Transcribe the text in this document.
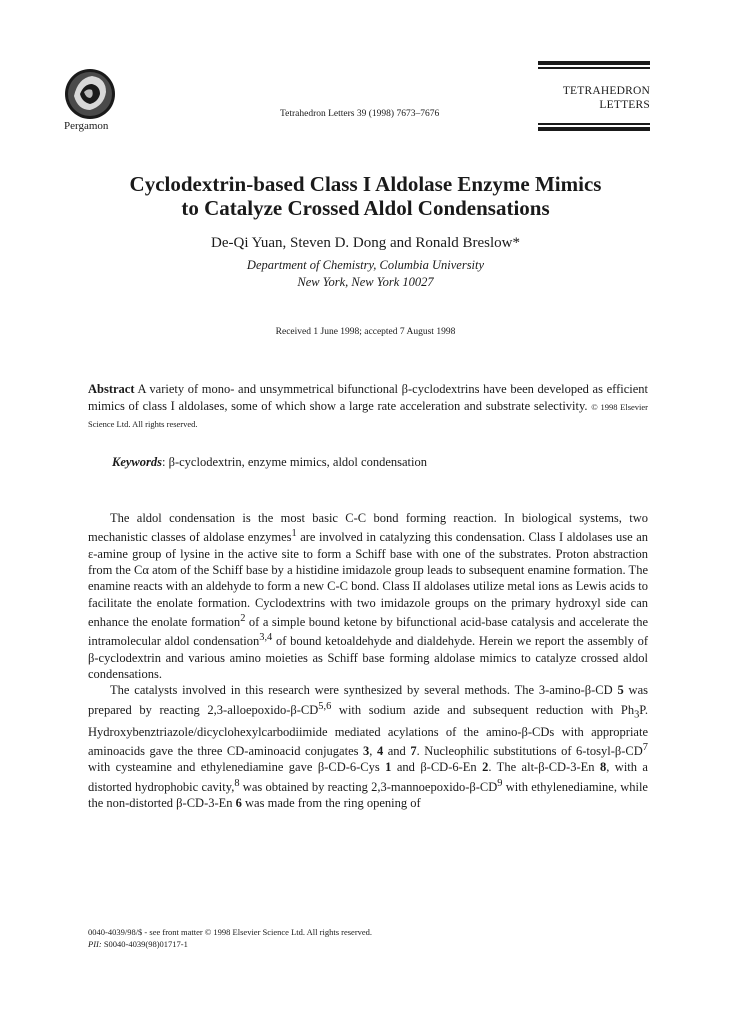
Pergamon
Tetrahedron Letters 39 (1998) 7673–7676
TETRAHEDRON
LETTERS
Cyclodextrin-based Class I Aldolase Enzyme Mimics
to Catalyze Crossed Aldol Condensations
De-Qi Yuan, Steven D. Dong and Ronald Breslow*
Department of Chemistry, Columbia University
New York, New York 10027
Received 1 June 1998; accepted 7 August 1998
Abstract A variety of mono- and unsymmetrical bifunctional β-cyclodextrins have been developed as efficient mimics of class I aldolases, some of which show a large rate acceleration and substrate selectivity. © 1998 Elsevier Science Ltd. All rights reserved.
Keywords: β-cyclodextrin, enzyme mimics, aldol condensation

The aldol condensation is the most basic C-C bond forming reaction. In biological systems, two mechanistic classes of aldolase enzymes$^1$ are involved in catalyzing this condensation. Class I aldolases use an ε-amine group of lysine in the active site to form a Schiff base with one of the substrates. Proton abstraction from the Cα atom of the Schiff base by a histidine imidazole group leads to subsequent enamine formation. The enamine reacts with an aldehyde to form a new C-C bond. Class II aldolases utilize metal ions as Lewis acids to facilitate the enolate formation. Cyclodextrins with two imidazole groups on the primary hydroxyl side can enhance the enolate formation$^2$ of a simple bound ketone by bifunctional acid-base catalysis and accelerate the intramolecular aldol condensation$^{3,4}$ of bound ketoaldehyde and dialdehyde. Herein we report the assembly of β-cyclodextrin and various amino moieties as Schiff base forming aldolase mimics to catalyze crossed aldol condensations.

The catalysts involved in this research were synthesized by several methods. The 3-amino-β-CD 5 was prepared by reacting 2,3-alloepoxido-β-CD$^{5,6}$ with sodium azide and subsequent reduction with $Ph_3P$. Hydroxybenztriazole/dicyclohexylcarbodiimide mediated acylations of the amino-β-CDs with appropriate aminoacids gave the three CD-aminoacid conjugates 3, 4 and 7. Nucleophilic substitutions of $6-tosyl-\beta-CD^7$ with cysteamine and ethylenediamine gave β-CD-6-Cys 1 and β-CD-6-En 2. The alt-β-CD-3-En 8, with a distorted hydrophobic cavity,$^8$ was obtained by reacting $2,3-mannoepoxido-\beta-CD^9$ with ethylenediamine, while the non-distorted β-CD-3-En 6 was made from the ring opening of

0040-4039/98/$ - see front matter © 1998 Elsevier Science Ltd. All rights reserved.
PII: S0040-4039(98)01717-1
